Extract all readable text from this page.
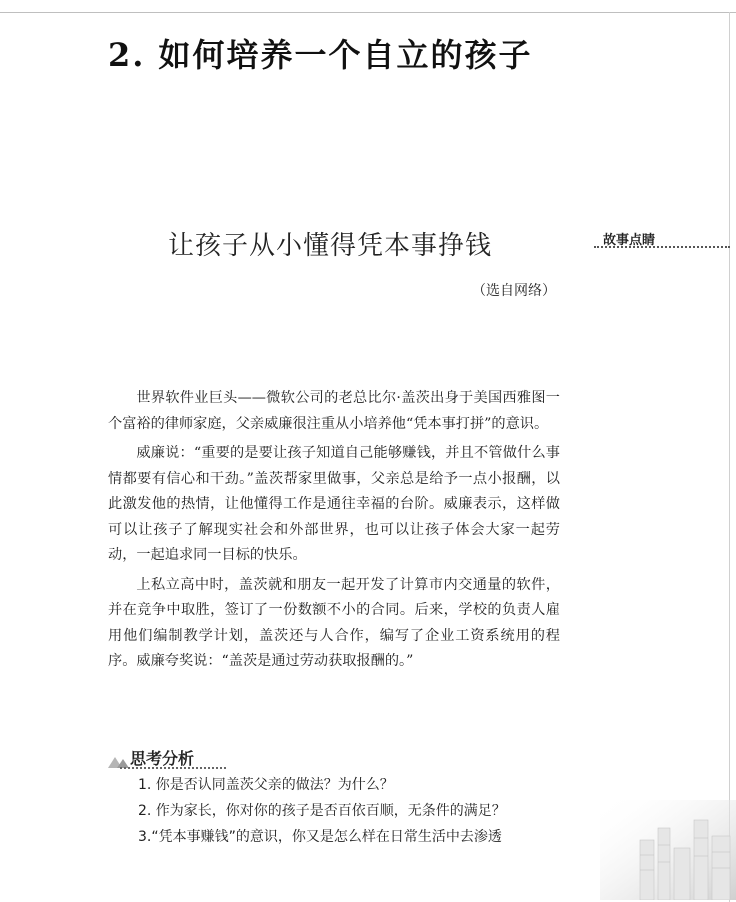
2. 如何培养一个自立的孩子
让孩子从小懂得凭本事挣钱
（选自网络）
故事点睛

世界软件业巨头——微软公司的老总比尔·盖茨出身于美国西雅图一个富裕的律师家庭，父亲威廉很注重从小培养他“凭本事打拼”的意识。

威廉说：“重要的是要让孩子知道自己能够赚钱，并且不管做什么事情都要有信心和干劲。”盖茨帮家里做事，父亲总是给予一点小报酬，以此激发他的热情，让他懂得工作是通往幸福的台阶。威廉表示，这样做可以让孩子了解现实社会和外部世界，也可以让孩子体会大家一起劳动，一起追求同一目标的快乐。

上私立高中时，盖茨就和朋友一起开发了计算市内交通量的软件，并在竞争中取胜，签订了一份数额不小的合同。后来，学校的负责人雇用他们编制教学计划，盖茨还与人合作，编写了企业工资系统用的程序。威廉夸奖说：“盖茨是通过劳动获取报酬的。”

思考分析
1. 你是否认同盖茨父亲的做法？为什么？
2. 作为家长，你对你的孩子是否百依百顺，无条件的满足？
3.“凭本事赚钱”的意识，你又是怎么样在日常生活中去渗透
